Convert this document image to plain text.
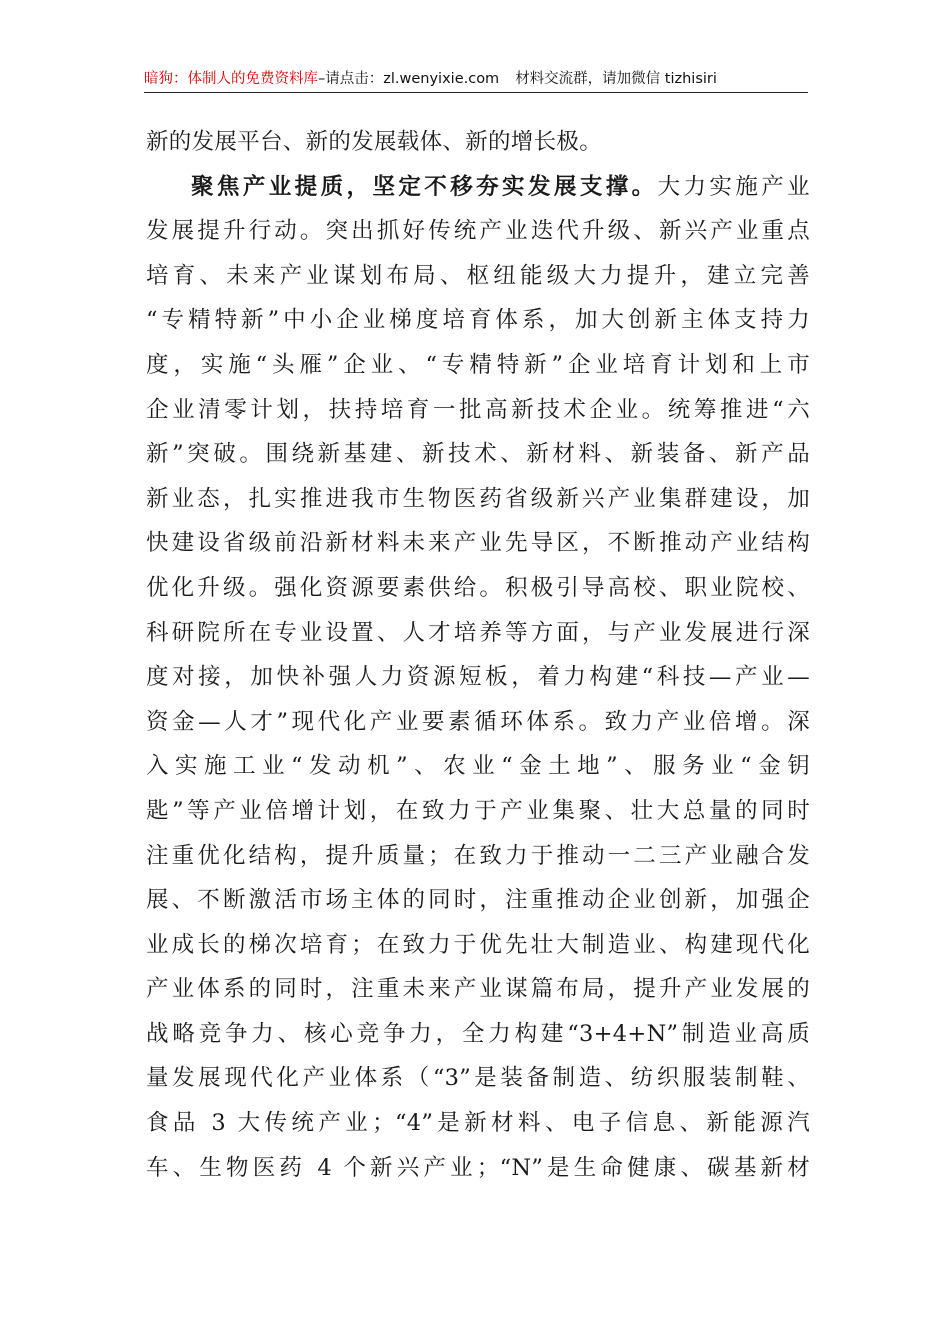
暗狗：体制人的免费资料库–请点击：zl.wenyixie.com 材料交流群，请加微信 tizhisiri
新的发展平台、新的发展载体、新的增长极。
聚焦产业提质，坚定不移夯实发展支撑。大力实施产业
发展提升行动。突出抓好传统产业迭代升级、新兴产业重点
培育、未来产业谋划布局、枢纽能级大力提升，建立完善
“专精特新”中小企业梯度培育体系，加大创新主体支持力
度，实施“头雁”企业、“专精特新”企业培育计划和上市
企业清零计划，扶持培育一批高新技术企业。统筹推进“六
新”突破。围绕新基建、新技术、新材料、新装备、新产品
新业态，扎实推进我市生物医药省级新兴产业集群建设，加
快建设省级前沿新材料未来产业先导区，不断推动产业结构
优化升级。强化资源要素供给。积极引导高校、职业院校、
科研院所在专业设置、人才培养等方面，与产业发展进行深
度对接，加快补强人力资源短板，着力构建“科技—产业—
资金—人才”现代化产业要素循环体系。致力产业倍增。深
入实施工业“发动机”、农业“金土地”、服务业“金钥
匙”等产业倍增计划，在致力于产业集聚、壮大总量的同时
注重优化结构，提升质量；在致力于推动一二三产业融合发
展、不断激活市场主体的同时，注重推动企业创新，加强企
业成长的梯次培育；在致力于优先壮大制造业、构建现代化
产业体系的同时，注重未来产业谋篇布局，提升产业发展的
战略竞争力、核心竞争力，全力构建“3+4+N”制造业高质
量发展现代化产业体系（“3”是装备制造、纺织服装制鞋、
食品 3 大传统产业；“4”是新材料、电子信息、新能源汽
车、生物医药 4 个新兴产业；“N”是生命健康、碳基新材
